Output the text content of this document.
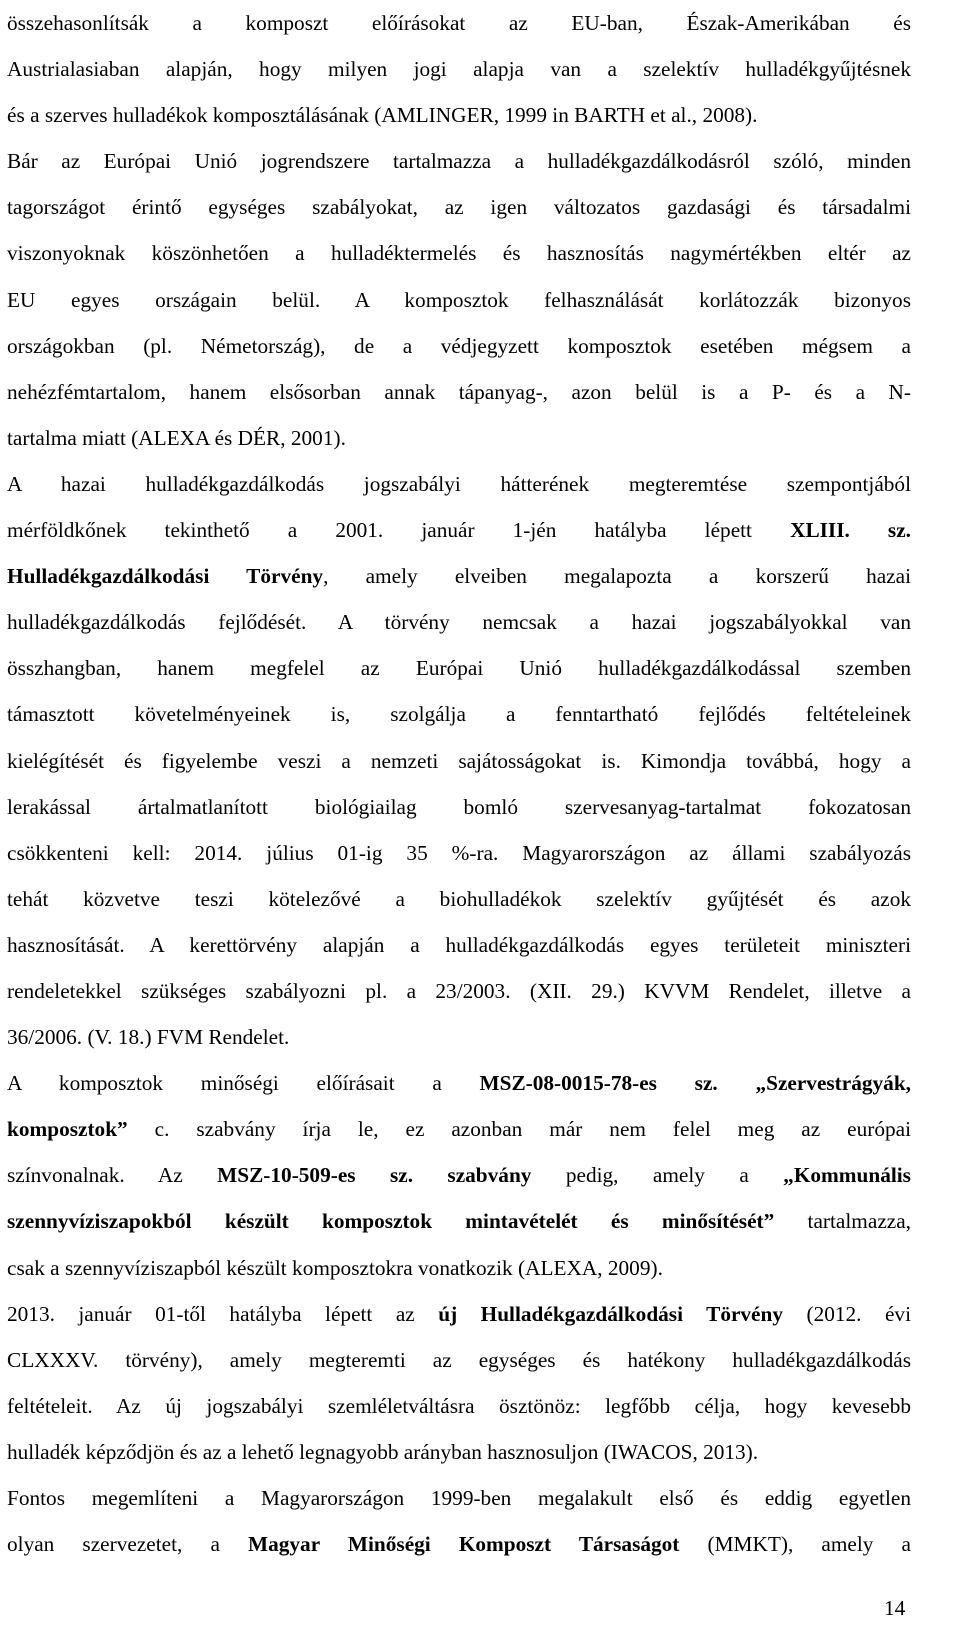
összehasonlítsák a komposzt előírásokat az EU-ban, Észak-Amerikában és
Austrialasiaban alapján, hogy milyen jogi alapja van a szelektív hulladékgyűjtésnek
és a szerves hulladékok komposztálásának (AMLINGER, 1999 in BARTH et al., 2008).
Bár az Európai Unió jogrendszere tartalmazza a hulladékgazdálkodásról szóló, minden
tagországot érintő egységes szabályokat, az igen változatos gazdasági és társadalmi
viszonyoknak köszönhetően a hulladéktermelés és hasznosítás nagymértékben eltér az
EU egyes országain belül. A komposztok felhasználását korlátozzák bizonyos
országokban (pl. Németország), de a védjegyzett komposztok esetében mégsem a
nehézfémtartalom, hanem elsősorban annak tápanyag-, azon belül is a P- és a N-
tartalma miatt (ALEXA és DÉR, 2001).
A hazai hulladékgazdálkodás jogszabályi hátterének megteremtése szempontjából
mérföldkőnek tekinthető a 2001. január 1-jén hatályba lépett XLIII. sz.
Hulladékgazdálkodási Törvény, amely elveiben megalapozta a korszerű hazai
hulladékgazdálkodás fejlődését. A törvény nemcsak a hazai jogszabályokkal van
összhangban, hanem megfelel az Európai Unió hulladékgazdálkodással szemben
támasztott követelményeinek is, szolgálja a fenntartható fejlődés feltételeinek
kielégítését és figyelembe veszi a nemzeti sajátosságokat is. Kimondja továbbá, hogy a
lerakással ártalmatlanított biológiailag bomló szervesanyag-tartalmat fokozatosan
csökkenteni kell: 2014. július 01-ig 35 %-ra. Magyarországon az állami szabályozás
tehát közvetve teszi kötelezővé a biohulladékok szelektív gyűjtését és azok
hasznosítását. A kerettörvény alapján a hulladékgazdálkodás egyes területeit miniszteri
rendeletekkel szükséges szabályozni pl. a 23/2003. (XII. 29.) KVVM Rendelet, illetve a
36/2006. (V. 18.) FVM Rendelet.
A komposztok minőségi előírásait a MSZ-08-0015-78-es sz. „Szervestrágyák,
komposztok” c. szabvány írja le, ez azonban már nem felel meg az európai
színvonalnak. Az MSZ-10-509-es sz. szabvány pedig, amely a „Kommunális
szennyvíziszapokból készült komposztok mintavételét és minősítését” tartalmazza,
csak a szennyvíziszapból készült komposztokra vonatkozik (ALEXA, 2009).
2013. január 01-től hatályba lépett az új Hulladékgazdálkodási Törvény (2012. évi
CLXXXV. törvény), amely megteremti az egységes és hatékony hulladékgazdálkodás
feltételeit. Az új jogszabályi szemléletváltásra ösztönöz: legfőbb célja, hogy kevesebb
hulladék képződjön és az a lehető legnagyobb arányban hasznosuljon (IWACOS, 2013).
Fontos megemlíteni a Magyarországon 1999-ben megalakult első és eddig egyetlen
olyan szervezetet, a Magyar Minőségi Komposzt Társaságot (MMKT), amely a
14
